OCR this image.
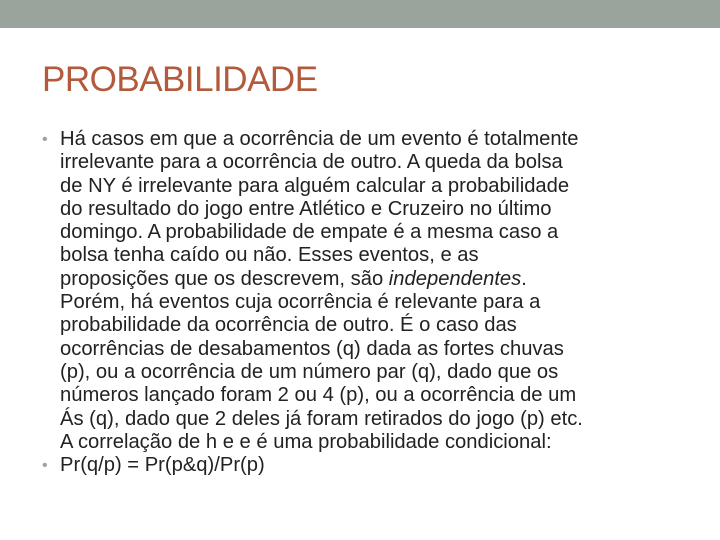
PROBABILIDADE
• Há casos em que a ocorrência de um evento é totalmente
irrelevante para a ocorrência de outro. A queda da bolsa
de NY é irrelevante para alguém calcular a probabilidade
do resultado do jogo entre Atlético e Cruzeiro no último
domingo. A probabilidade de empate é a mesma caso a
bolsa tenha caído ou não. Esses eventos, e as
proposições que os descrevem, são independentes.
Porém, há eventos cuja ocorrência é relevante para a
probabilidade da ocorrência de outro. É o caso das
ocorrências de desabamentos (q) dada as fortes chuvas
(p), ou a ocorrência de um número par (q), dado que os
números lançado foram 2 ou 4 (p), ou a ocorrência de um
Ás (q), dado que 2 deles já foram retirados do jogo (p) etc.
A correlação de h e e é uma probabilidade condicional:
• Pr(q/p) = Pr(p&q)/Pr(p)
